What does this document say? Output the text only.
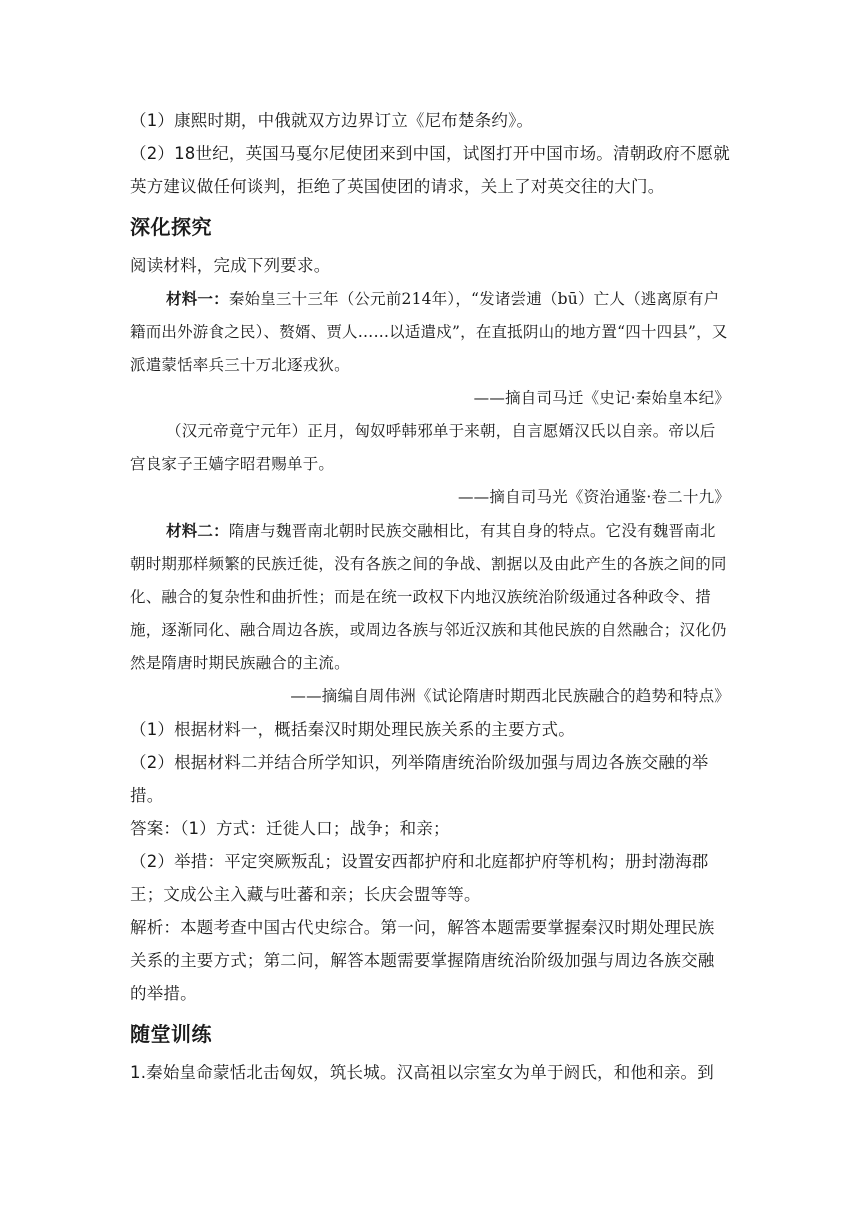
（1）康熙时期，中俄就双方边界订立《尼布楚条约》。

（2）18世纪，英国马戛尔尼使团来到中国，试图打开中国市场。清朝政府不愿就英方建议做任何谈判，拒绝了英国使团的请求，关上了对英交往的大门。

深化探究

阅读材料，完成下列要求。

材料一：秦始皇三十三年（公元前214年），“发诸尝逋（bū）亡人（逃离原有户籍而出外游食之民）、赘婿、贾人……以适遣戍”，在直抵阴山的地方置“四十四县”，又派遣蒙恬率兵三十万北逐戎狄。

——摘自司马迁《史记·秦始皇本纪》

（汉元帝竟宁元年）正月，匈奴呼韩邪单于来朝，自言愿婿汉氏以自亲。帝以后宫良家子王嫱字昭君赐单于。

——摘自司马光《资治通鉴·卷二十九》

材料二：隋唐与魏晋南北朝时民族交融相比，有其自身的特点。它没有魏晋南北朝时期那样频繁的民族迁徙，没有各族之间的争战、割据以及由此产生的各族之间的同化、融合的复杂性和曲折性；而是在统一政权下内地汉族统治阶级通过各种政令、措施，逐渐同化、融合周边各族，或周边各族与邻近汉族和其他民族的自然融合；汉化仍然是隋唐时期民族融合的主流。

——摘编自周伟洲《试论隋唐时期西北民族融合的趋势和特点》

（1）根据材料一，概括秦汉时期处理民族关系的主要方式。

（2）根据材料二并结合所学知识，列举隋唐统治阶级加强与周边各族交融的举措。

答案：（1）方式：迁徙人口；战争；和亲；

（2）举措：平定突厥叛乱；设置安西都护府和北庭都护府等机构；册封渤海郡王；文成公主入藏与吐蕃和亲；长庆会盟等等。

解析：本题考查中国古代史综合。第一问，解答本题需要掌握秦汉时期处理民族关系的主要方式；第二问，解答本题需要掌握隋唐统治阶级加强与周边各族交融的举措。

随堂训练

1.秦始皇命蒙恬北击匈奴，筑长城。汉高祖以宗室女为单于阏氏，和他和亲。到
